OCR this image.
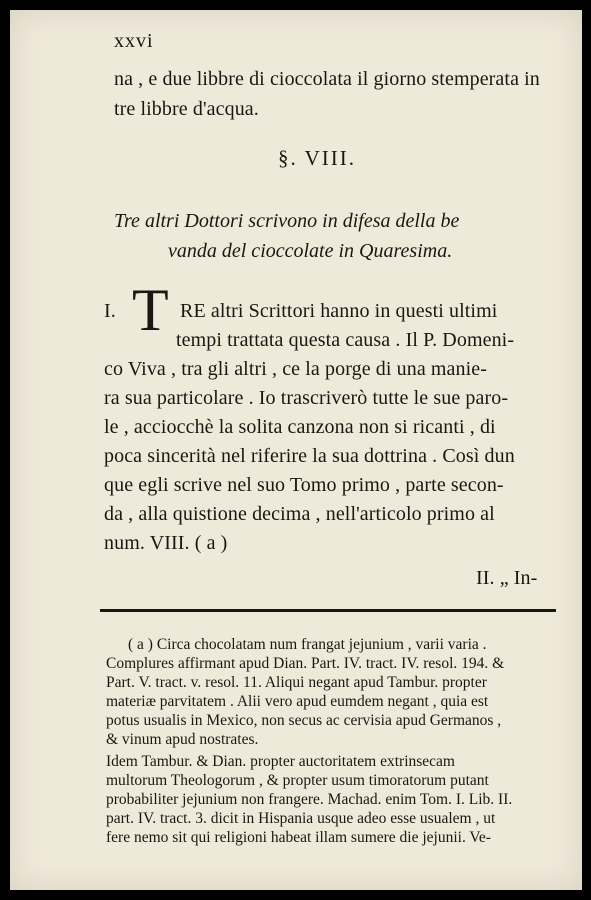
xxvi
na , e due libbre di cioccolata il giorno stemperata in
tre libbre d'acqua.
§. VIII.
Tre altri Dottori scrivono in difesa della be
vanda del cioccolate in Quaresima.
I. T RE altri Scrittori hanno in questi ultimi
tempi trattata questa causa . Il P. Domeni-
co Viva , tra gli altri , ce la porge di una manie-
ra sua particolare . Io trascriverò tutte le sue paro-
le , acciocchè la solita canzona non si ricanti , di
poca sincerità nel riferire la sua dottrina . Così dun
que egli scrive nel suo Tomo primo , parte secon-
da , alla quistione decima , nell'articolo primo al
num. VIII. ( a )
II. „ In-
( a ) Circa chocolatam num frangat jejunium , varii varia .
Complures affirmant apud Dian. Part. IV. tract. IV. resol. 194. &
Part. V. tract. v. resol. 11. Aliqui negant apud Tambur. propter
materiæ parvitatem . Alii vero apud eumdem negant , quia est
potus usualis in Mexico, non secus ac cervisia apud Germanos ,
& vinum apud nostrates.
Idem Tambur. & Dian. propter auctoritatem extrinsecam
multorum Theologorum , & propter usum timoratorum putant
probabiliter jejunium non frangere. Machad. enim Tom. I. Lib. II.
part. IV. tract. 3. dicit in Hispania usque adeo esse usualem , ut
fere nemo sit qui religioni habeat illam sumere die jejunii. Ve-
